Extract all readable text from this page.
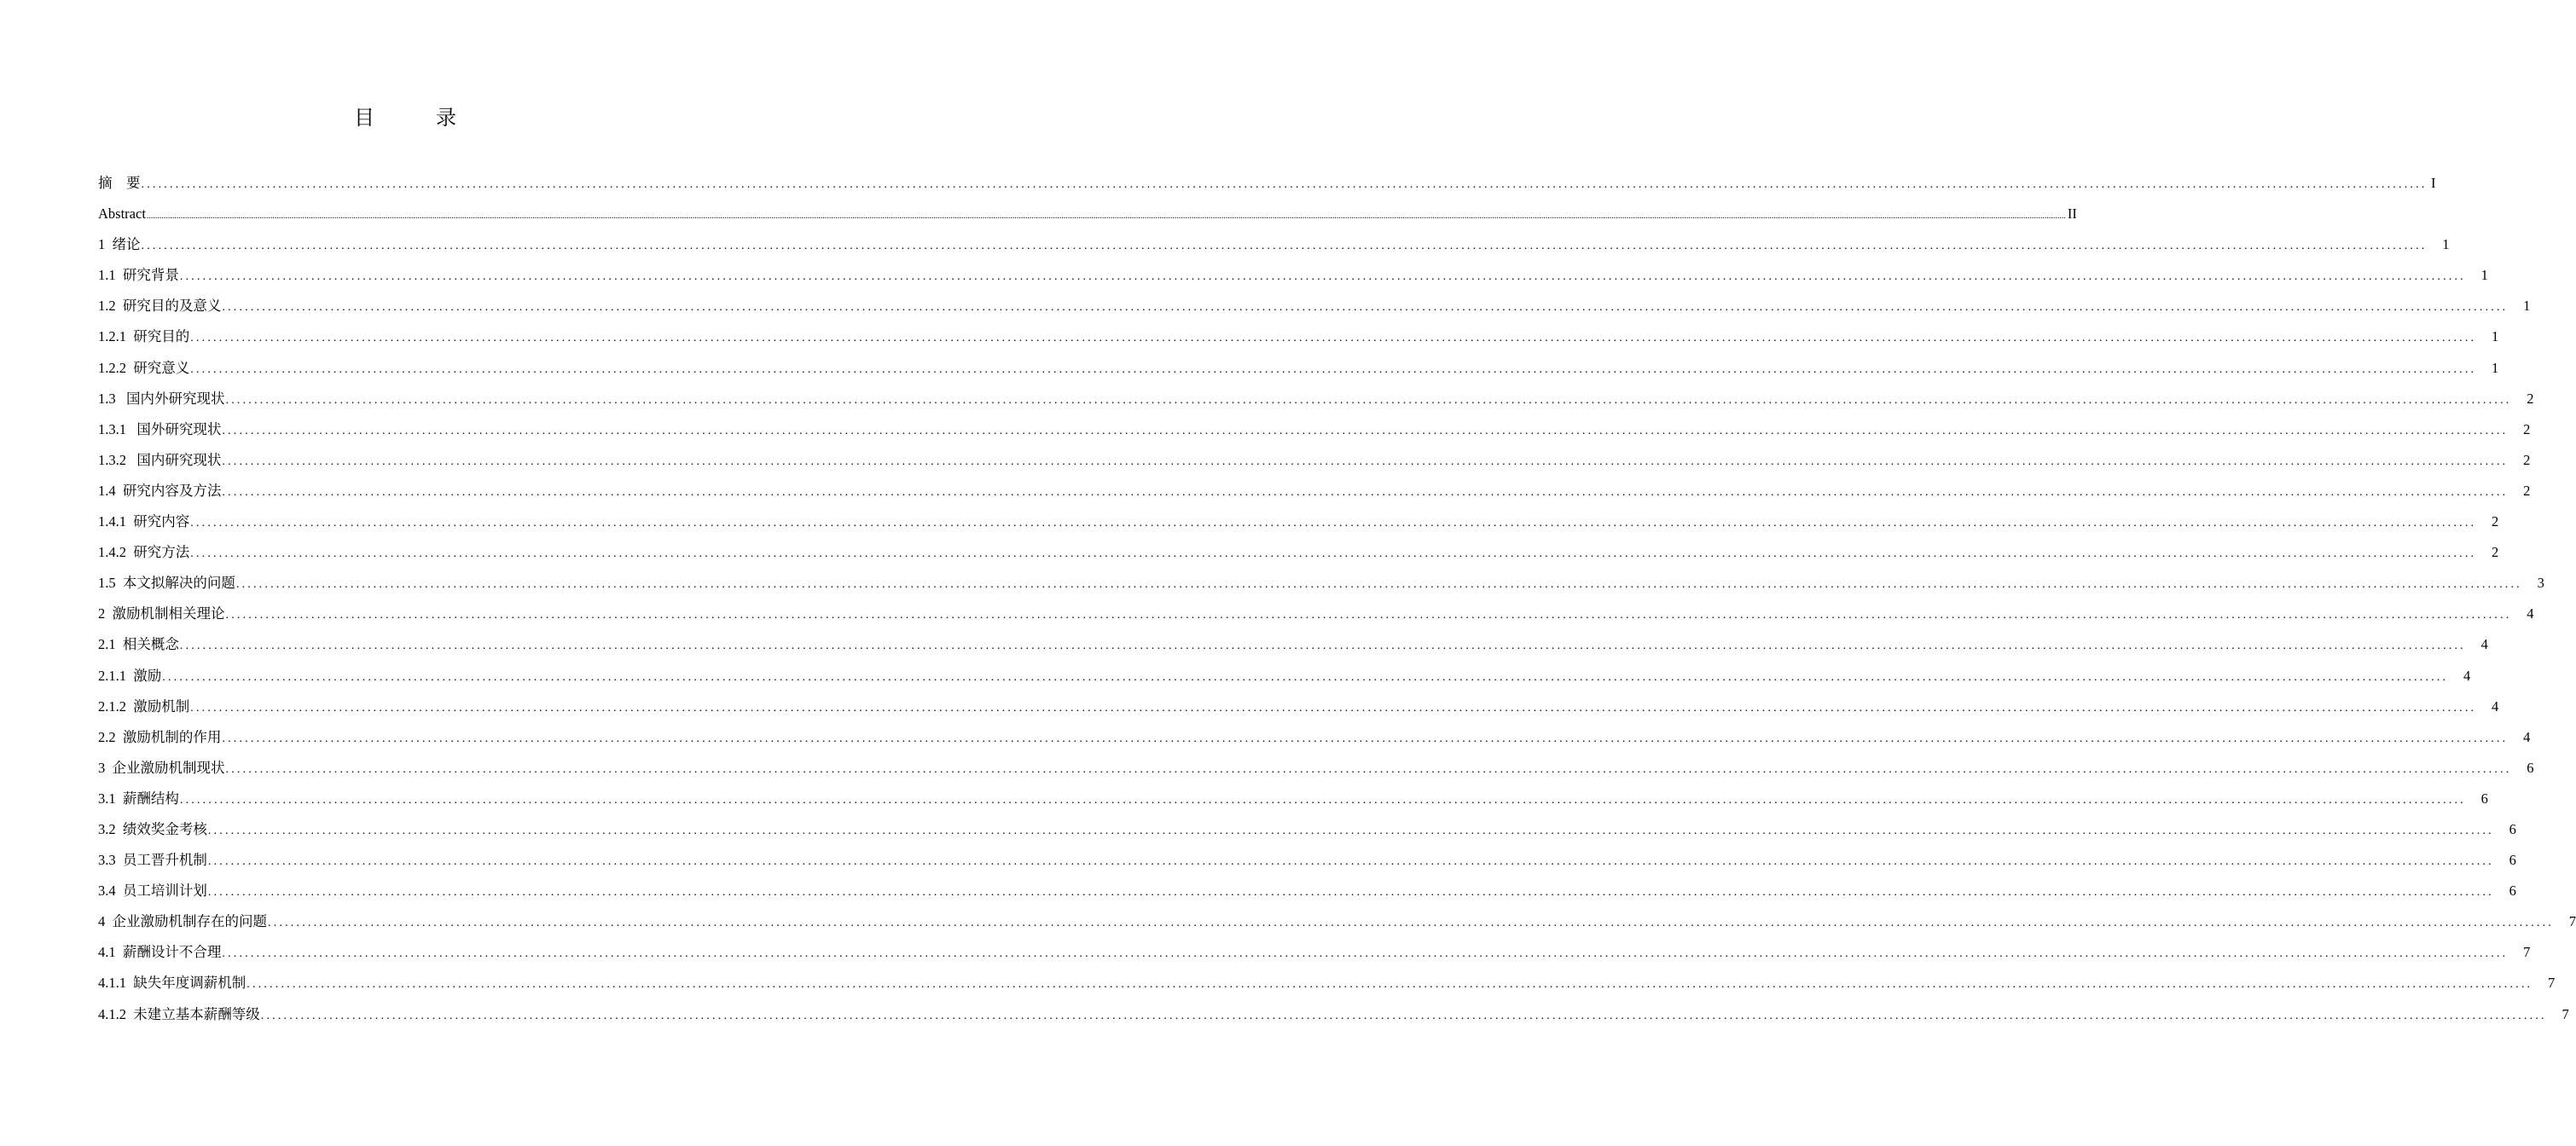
目　录
摘　要 ................................................................................................................................................................................................................................................................................................................................................................................................................ I
Abstract .................................................................................................................................................................................................................................................................................................................................................................................................................................................................................................................................................................................................................................................................................................................................................................................................................................................................................................................................... II
1  绪论 ................................................................................................................................................................................................................................................................................................................................................................................................................	1
1.1  研究背景 ................................................................................................................................................................................................................................................................................................................................................................................................................	1
1.2  研究目的及意义 ................................................................................................................................................................................................................................................................................................................................................................................................................	1
1.2.1  研究目的 ................................................................................................................................................................................................................................................................................................................................................................................................................	1
1.2.2  研究意义 ................................................................................................................................................................................................................................................................................................................................................................................................................	1
1.3   国内外研究现状 ................................................................................................................................................................................................................................................................................................................................................................................................................	2
1.3.1   国外研究现状 ................................................................................................................................................................................................................................................................................................................................................................................................................	2
1.3.2   国内研究现状 ................................................................................................................................................................................................................................................................................................................................................................................................................	2
1.4  研究内容及方法 ................................................................................................................................................................................................................................................................................................................................................................................................................	2
1.4.1  研究内容 ................................................................................................................................................................................................................................................................................................................................................................................................................	2
1.4.2  研究方法 ................................................................................................................................................................................................................................................................................................................................................................................................................	2
1.5  本文拟解决的问题 ................................................................................................................................................................................................................................................................................................................................................................................................................	3
2  激励机制相关理论 ................................................................................................................................................................................................................................................................................................................................................................................................................	4
2.1  相关概念 ................................................................................................................................................................................................................................................................................................................................................................................................................	4
2.1.1  激励 ................................................................................................................................................................................................................................................................................................................................................................................................................	4
2.1.2  激励机制 ................................................................................................................................................................................................................................................................................................................................................................................................................	4
2.2  激励机制的作用 ................................................................................................................................................................................................................................................................................................................................................................................................................	4
3  企业激励机制现状 ................................................................................................................................................................................................................................................................................................................................................................................................................	6
3.1  薪酬结构 ................................................................................................................................................................................................................................................................................................................................................................................................................	6
3.2  绩效奖金考核 ................................................................................................................................................................................................................................................................................................................................................................................................................	6
3.3  员工晋升机制 ................................................................................................................................................................................................................................................................................................................................................................................................................	6
3.4  员工培训计划 ................................................................................................................................................................................................................................................................................................................................................................................................................	6
4  企业激励机制存在的问题 ................................................................................................................................................................................................................................................................................................................................................................................................................	7
4.1  薪酬设计不合理 ................................................................................................................................................................................................................................................................................................................................................................................................................	7
4.1.1  缺失年度调薪机制 ................................................................................................................................................................................................................................................................................................................................................................................................................	7
4.1.2  未建立基本薪酬等级 ................................................................................................................................................................................................................................................................................................................................................................................................................	7
